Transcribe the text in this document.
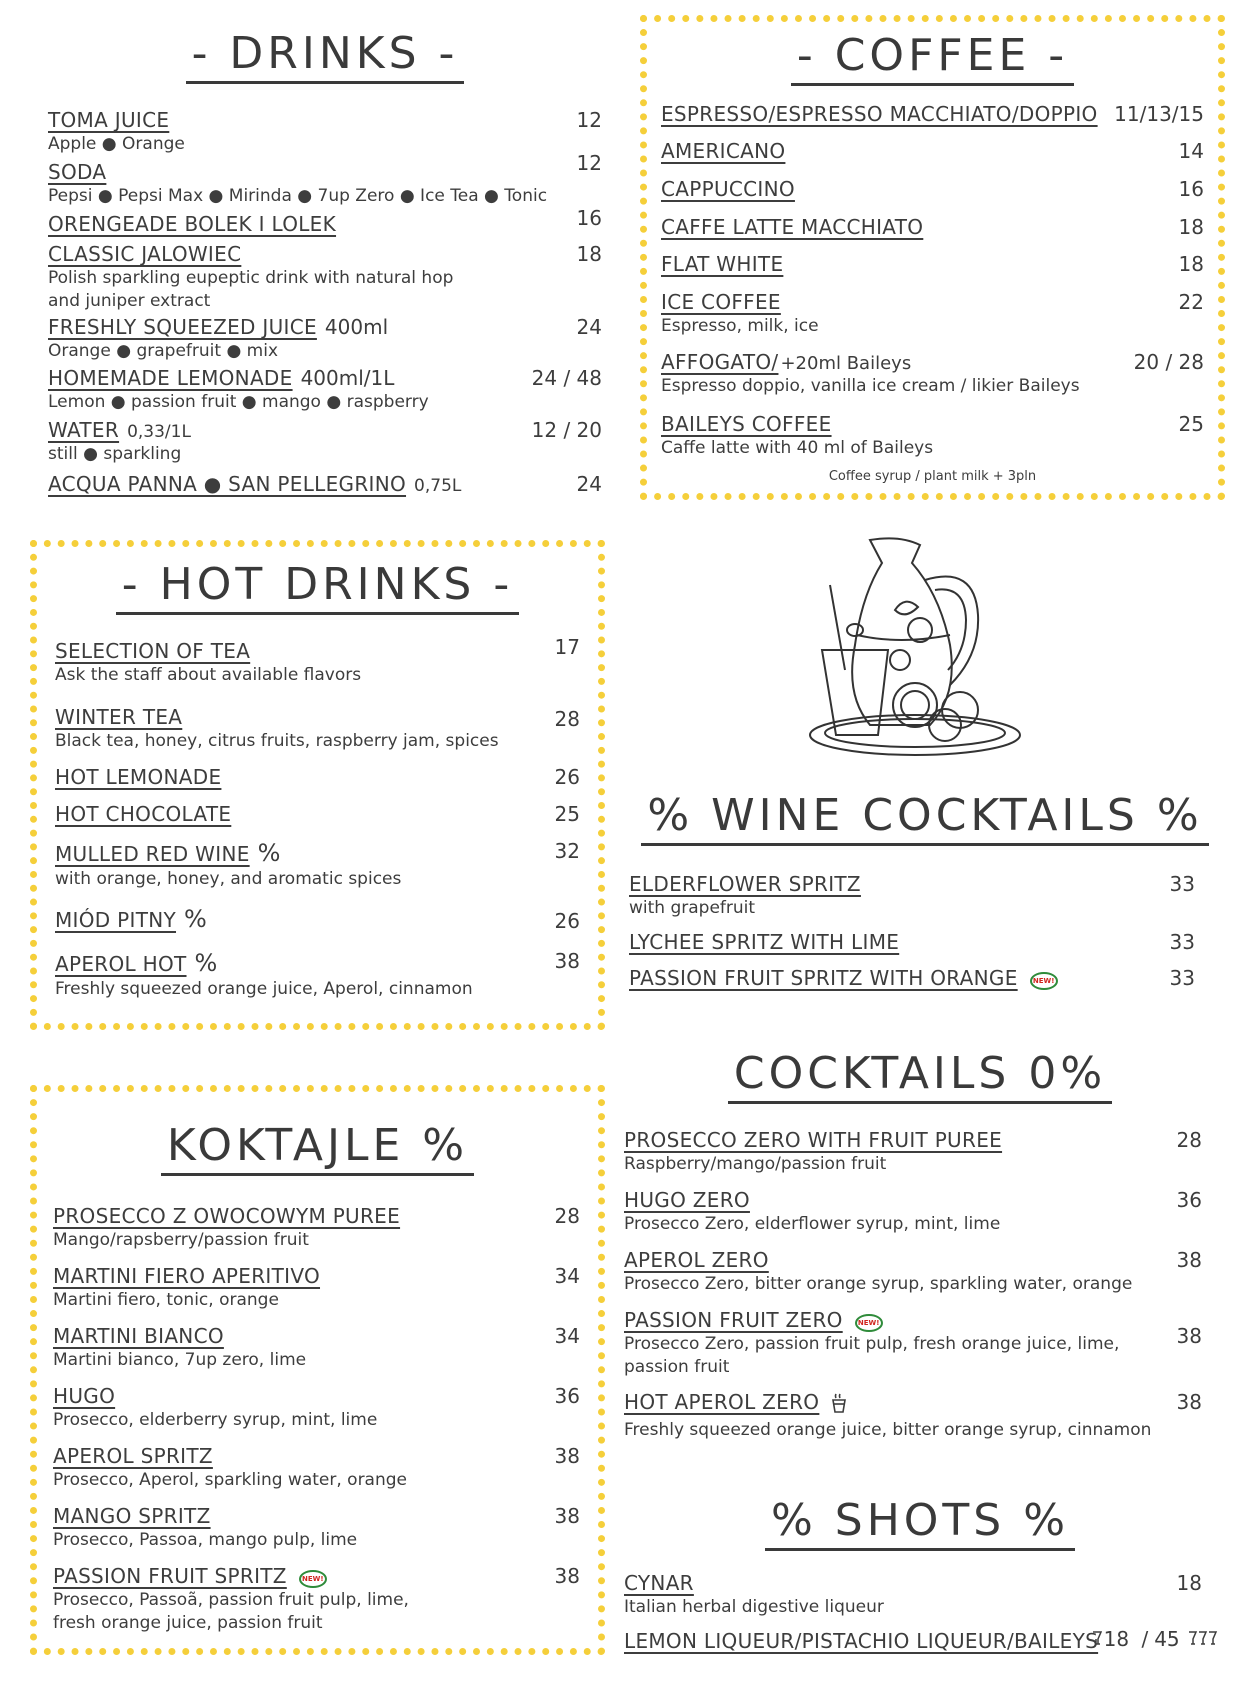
- DRINKS -
TOMA JUICE
Apple ● Orange
12
SODA
Pepsi ● Pepsi Max ● Mirinda ● 7up Zero ● Ice Tea ● Tonic
12
ORENGEADE BOLEK I LOLEK	16
CLASSIC JALOWIEC
Polish sparkling eupeptic drink with natural hop and juniper extract
18
FRESHLY SQUEEZED JUICE 400ml
Orange ● grapefruit ● mix
24
HOMEMADE LEMONADE 400ml/1L
Lemon ● passion fruit ● mango ● raspberry
24 / 48
WATER 0,33/1L
still ● sparkling
12 / 20
ACQUA PANNA ● SAN PELLEGRINO 0,75L	24
- COFFEE -
ESPRESSO/ESPRESSO MACCHIATO/DOPPIO 11/13/15
AMERICANO	14
CAPPUCCINO	16
CAFFE LATTE MACCHIATO	18
FLAT WHITE	18
ICE COFFEE
Espresso, milk, ice
22
AFFOGATO/ +20ml Baileys
Espresso doppio, vanilla ice cream / likier Baileys
20 / 28
BAILEYS COFFEE
Caffe latte with 40 ml of Baileys
25
Coffee syrup / plant milk + 3pln
- HOT DRINKS -
SELECTION OF TEA
Ask the staff about available flavors
17
WINTER TEA
Black tea, honey, citrus fruits, raspberry jam, spices
28
HOT LEMONADE	26
HOT CHOCOLATE	25
MULLED RED WINE %
with orange, honey, and aromatic spices
32
MIÓD PITNY %	26
APEROL HOT %
Freshly squeezed orange juice, Aperol, cinnamon
38
% WINE COCKTAILS %
ELDERFLOWER SPRITZ
with grapefruit
33
LYCHEE SPRITZ WITH LIME	33
PASSION FRUIT SPRITZ WITH ORANGE NEW!	33
KOKTAJLE %
PROSECCO Z OWOCOWYM PUREE
Mango/rapsberry/passion fruit
28
MARTINI FIERO APERITIVO
Martini fiero, tonic, orange
34
MARTINI BIANCO
Martini bianco, 7up zero, lime
34
HUGO
Prosecco, elderberry syrup, mint, lime
36
APEROL SPRITZ
Prosecco, Aperol, sparkling water, orange
38
MANGO SPRITZ
Prosecco, Passoa, mango pulp, lime
38
PASSION FRUIT SPRITZ NEW!
Prosecco, Passoã, passion fruit pulp, lime, fresh orange juice, passion fruit
38
COCKTAILS 0%
PROSECCO ZERO WITH FRUIT PUREE
Raspberry/mango/passion fruit
28
HUGO ZERO
Prosecco Zero, elderflower syrup, mint, lime
36
APEROL ZERO
Prosecco Zero, bitter orange syrup, sparkling water, orange
38
PASSION FRUIT ZERO NEW!
Prosecco Zero, passion fruit pulp, fresh orange juice, lime, passion fruit
38
HOT APEROL ZERO
Freshly squeezed orange juice, bitter orange syrup, cinnamon
38
% SHOTS %
CYNAR
Italian herbal digestive liqueur
18
LEMON LIQUEUR/PISTACHIO LIQUEUR/BAILEYS 18 / 45
